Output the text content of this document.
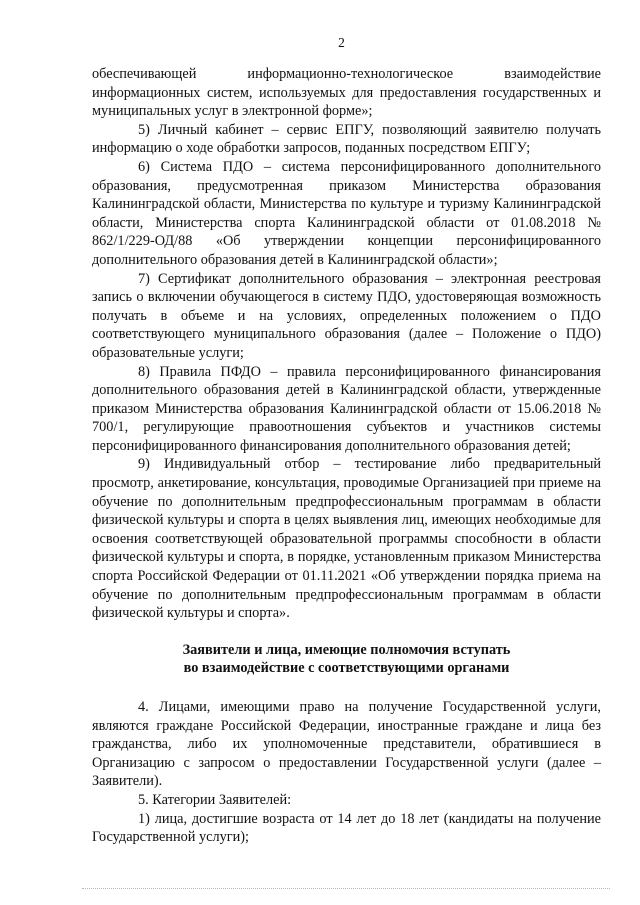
2

обеспечивающей информационно-технологическое взаимодействие информационных систем, используемых для предоставления государственных и муниципальных услуг в электронной форме»;

5) Личный кабинет – сервис ЕПГУ, позволяющий заявителю получать информацию о ходе обработки запросов, поданных посредством ЕПГУ;

6) Система ПДО – система персонифицированного дополнительного образования, предусмотренная приказом Министерства образования Калининградской области, Министерства по культуре и туризму Калининградской области, Министерства спорта Калининградской области от 01.08.2018 № 862/1/229-ОД/88 «Об утверждении концепции персонифицированного дополнительного образования детей в Калининградской области»;

7) Сертификат дополнительного образования – электронная реестровая запись о включении обучающегося в систему ПДО, удостоверяющая возможность получать в объеме и на условиях, определенных положением о ПДО соответствующего муниципального образования (далее – Положение о ПДО) образовательные услуги;

8) Правила ПФДО – правила персонифицированного финансирования дополнительного образования детей в Калининградской области, утвержденные приказом Министерства образования Калининградской области от 15.06.2018 № 700/1, регулирующие правоотношения субъектов и участников системы персонифицированного финансирования дополнительного образования детей;

9) Индивидуальный отбор – тестирование либо предварительный просмотр, анкетирование, консультация, проводимые Организацией при приеме на обучение по дополнительным предпрофессиональным программам в области физической культуры и спорта в целях выявления лиц, имеющих необходимые для освоения соответствующей образовательной программы способности в области физической культуры и спорта, в порядке, установленным приказом Министерства спорта Российской Федерации от 01.11.2021 «Об утверждении порядка приема на обучение по дополнительным предпрофессиональным программам в области физической культуры и спорта».

Заявители и лица, имеющие полномочия вступать
во взаимодействие с соответствующими органами

4. Лицами, имеющими право на получение Государственной услуги, являются граждане Российской Федерации, иностранные граждане и лица без гражданства, либо их уполномоченные представители, обратившиеся в Организацию с запросом о предоставлении Государственной услуги (далее – Заявители).

5. Категории Заявителей:

1) лица, достигшие возраста от 14 лет до 18 лет (кандидаты на получение Государственной услуги);
